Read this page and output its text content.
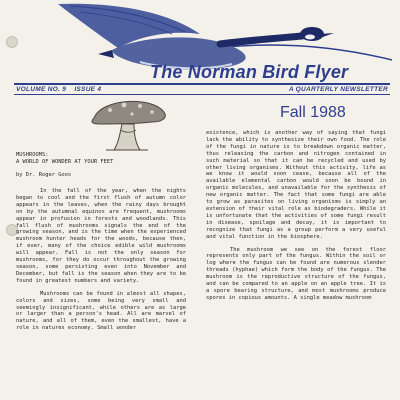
The Norman Bird Flyer
VOLUME NO. 9 ISSUE 4	A QUARTERLY NEWSLETTER
Fall 1988
MUSHROOMS:
A WORLD OF WONDER AT YOUR FEET
by Dr. Roger Goos

In the fall of the year, when the nights began to cool and the first flush of autumn color appears in the leaves, when the rainy days brought on by the autumnal equinox are frequent, mushrooms appear in profusion in forests and woodlands. This fall flush of mushrooms signals the end of the growing season, and is the time when the experienced mushroom hunter heads for the woods, because then, if ever, many of the choice edible wild mushrooms will appear. Fall is not the only season for mushrooms, for they do occur throughout the growing season, some persisting even into November and December, but fall is the season when they are to be found in greatest numbers and variety.

Mushrooms can be found in almost all shapes, colors and sizes, some being very small and seemingly insignificant, while others are as large or larger than a person's head. All are marvel of nature, and all of them, even the smallest, have a role in natures economy. Small wonder

existence, which is another way of saying that fungi lack the ability to synthesize their own food. The role of the fungi in nature is to breakdown organic matter, thus releasing the carbon and nitrogen contained in such material so that it can be recycled and used by other living organisms. Without this activity, life as we know it would soon cease, because all of the available elemental carbon would soon be bound in organic molecules, and unavailable for the synthesis of new organic matter. The fact that some fungi are able to grow as parasites on living organisms is simply an extension of their vital role as biodegraders. While it is unfortunate that the activities of some fungi result in disease, spoilage and decay, it is important to recognize that fungi as a group perform a very useful and vital function in the biosphere.

The mushroom we see on the forest floor represents only part of the fungus. Within the soil or log where the fungus can be found are numerous slender threads (hyphae) which form the body of the fungus. The mushroom is the reproductive structure of the fungus, and can be compared to an apple on an apple tree. It is a spore bearing structure, and most mushrooms produce spores in copious amounts. A single meadow mushroom
